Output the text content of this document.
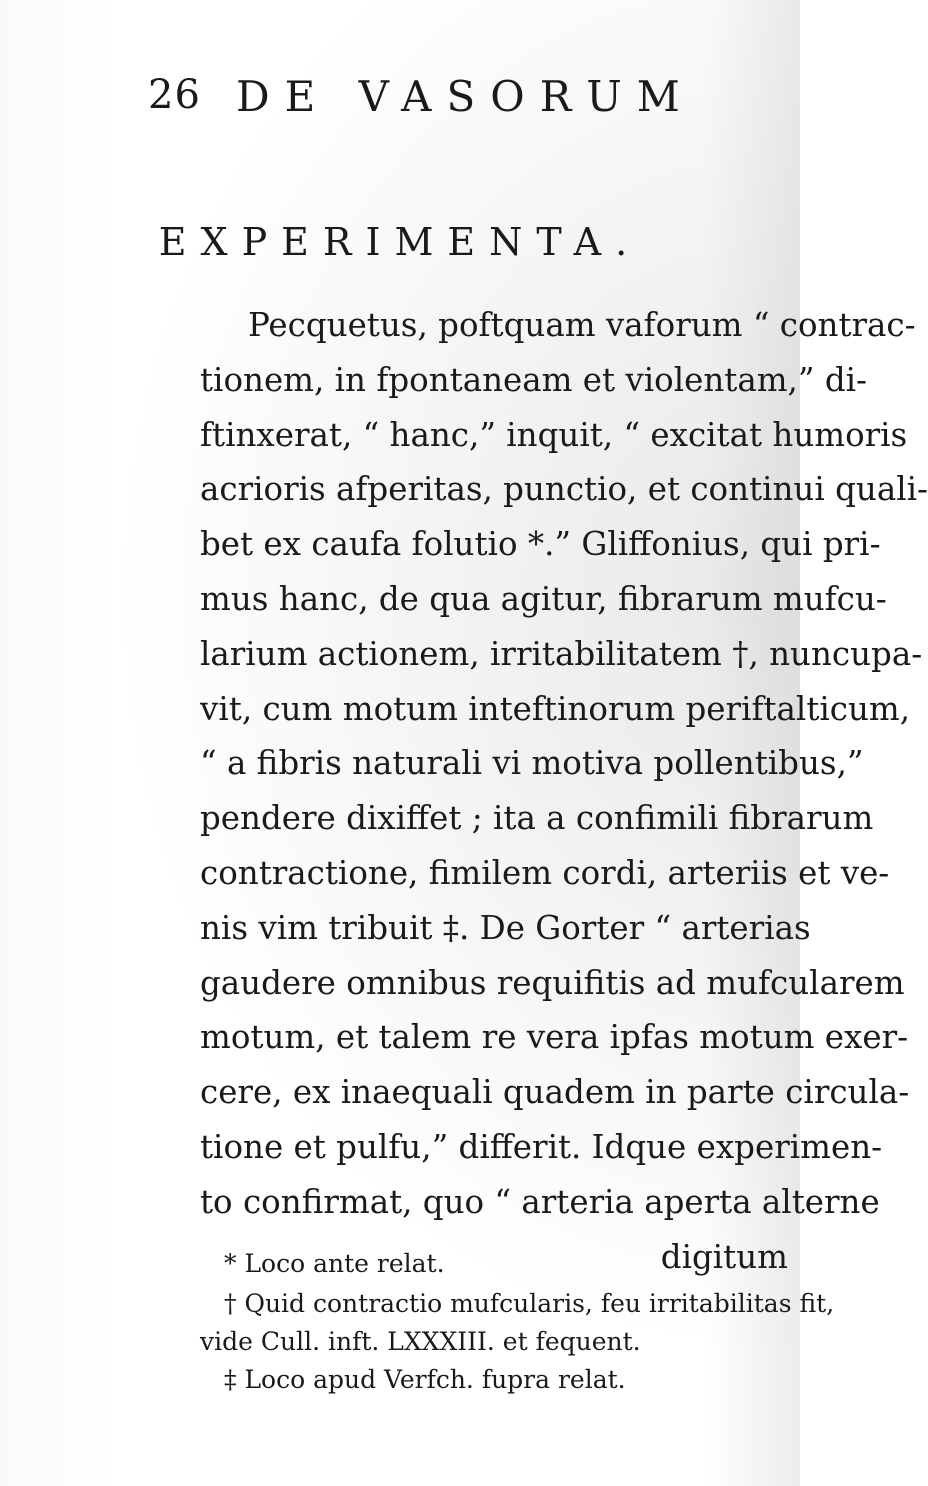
26 DE VASORUM
EXPERIMENTA.
Pecquetus, poftquam vaforum “ contrac-
tionem, in fpontaneam et violentam,” di-
ftinxerat, “ hanc,” inquit, “ excitat humoris
acrioris afperitas, punctio, et continui quali-
bet ex caufa folutio *.” Gliffonius, qui pri-
mus hanc, de qua agitur, fibrarum mufcu-
larium actionem, irritabilitatem †, nuncupa-
vit, cum motum inteftinorum periftalticum,
“ a fibris naturali vi motiva pollentibus,”
pendere dixiffet ; ita a confimili fibrarum
contractione, fimilem cordi, arteriis et ve-
nis vim tribuit ‡. De Gorter “ arterias
gaudere omnibus requifitis ad mufcularem
motum, et talem re vera ipfas motum exer-
cere, ex inaequali quadem in parte circula-
tione et pulfu,” differit. Idque experimen-
to confirmat, quo “ arteria aperta alterne
digitum
* Loco ante relat.
† Quid contractio mufcularis, feu irritabilitas fit,
vide Cull. inft. LXXXIII. et fequent.
‡ Loco apud Verfch. fupra relat.
